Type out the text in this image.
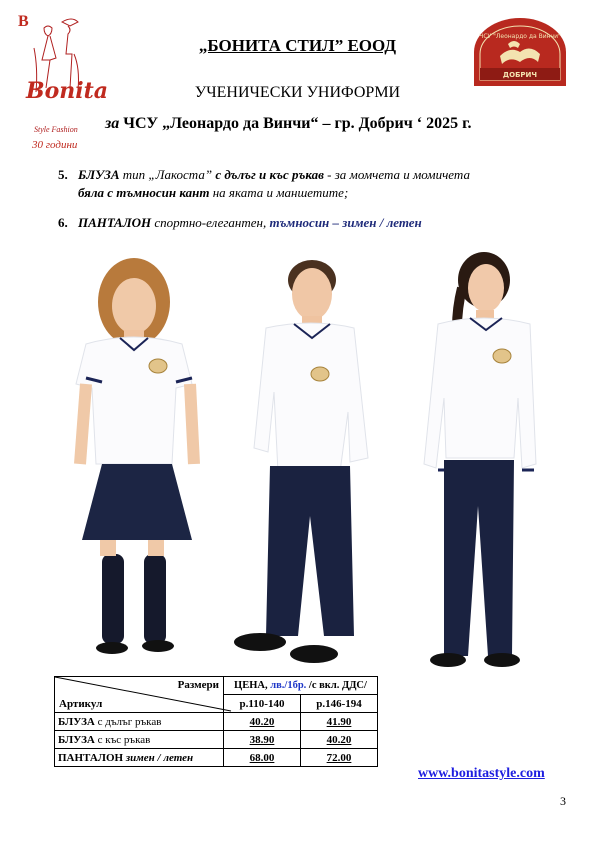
B
Bonita
Style Fashion
30 години
ДОБРИЧ
ЧСУ "Леонардо да Винчи"
„БОНИТА СТИЛ” ЕООД
УЧЕНИЧЕСКИ УНИФОРМИ
за ЧСУ „Леонардо да Винчи“ – гр. Добрич ‘ 2025 г.
5. БЛУЗА тип „Лакоста” с дълъг и къс ръкав - за момчета и момичета
бяла с тъмносин кант на яката и маншетите;
6. ПАНТАЛОН спортно-елегантен, тъмносин – зимен / летен
Размери
Артикул	ЦЕНА, лв./1бр. /с вкл. ДДС/	
	р.110-140	р.146-194
БЛУЗА с дълъг ръкав	40.20	41.90
БЛУЗА с къс ръкав	38.90	40.20
ПАНТАЛОН зимен / летен	68.00	72.00
www.bonitastyle.com
3
